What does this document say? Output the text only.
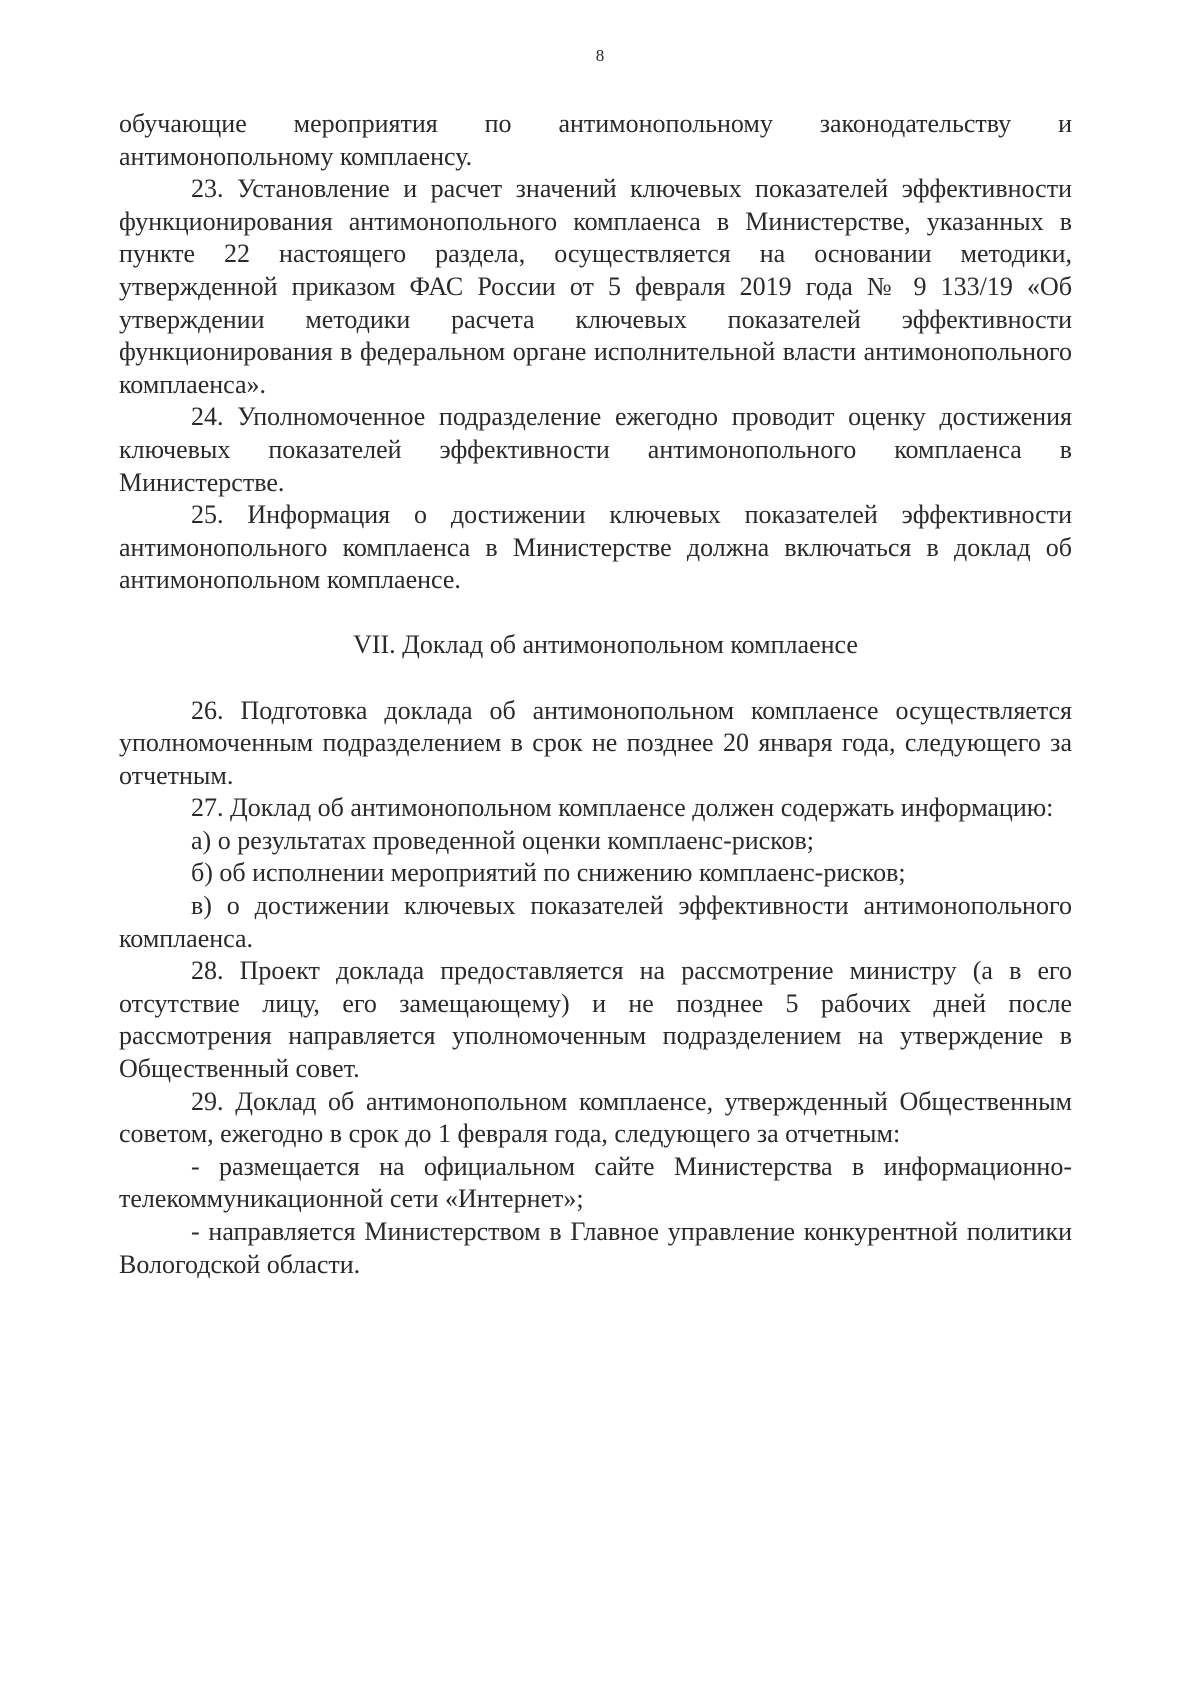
8

обучающие мероприятия по антимонопольному законодательству и антимонопольному комплаенсу.

23. Установление и расчет значений ключевых показателей эффективности функционирования антимонопольного комплаенса в Министерстве, указанных в пункте 22 настоящего раздела, осуществляется на основании методики, утвержденной приказом ФАС России от 5 февраля 2019 года № 9 133/19 «Об утверждении методики расчета ключевых показателей эффективности функционирования в федеральном органе исполнительной власти антимонопольного комплаенса».

24. Уполномоченное подразделение ежегодно проводит оценку достижения ключевых показателей эффективности антимонопольного комплаенса в Министерстве.

25. Информация о достижении ключевых показателей эффективности антимонопольного комплаенса в Министерстве должна включаться в доклад об антимонопольном комплаенсе.

VII. Доклад об антимонопольном комплаенсе

26. Подготовка доклада об антимонопольном комплаенсе осуществляется уполномоченным подразделением в срок не позднее 20 января года, следующего за отчетным.

27. Доклад об антимонопольном комплаенсе должен содержать информацию:

а) о результатах проведенной оценки комплаенс-рисков;

б) об исполнении мероприятий по снижению комплаенс-рисков;

в) о достижении ключевых показателей эффективности антимонопольного комплаенса.

28. Проект доклада предоставляется на рассмотрение министру (а в его отсутствие лицу, его замещающему) и не позднее 5 рабочих дней после рассмотрения направляется уполномоченным подразделением на утверждение в Общественный совет.

29. Доклад об антимонопольном комплаенсе, утвержденный Общественным советом, ежегодно в срок до 1 февраля года, следующего за отчетным:

- размещается на официальном сайте Министерства в информационно-телекоммуникационной сети «Интернет»;

- направляется Министерством в Главное управление конкурентной политики Вологодской области.
